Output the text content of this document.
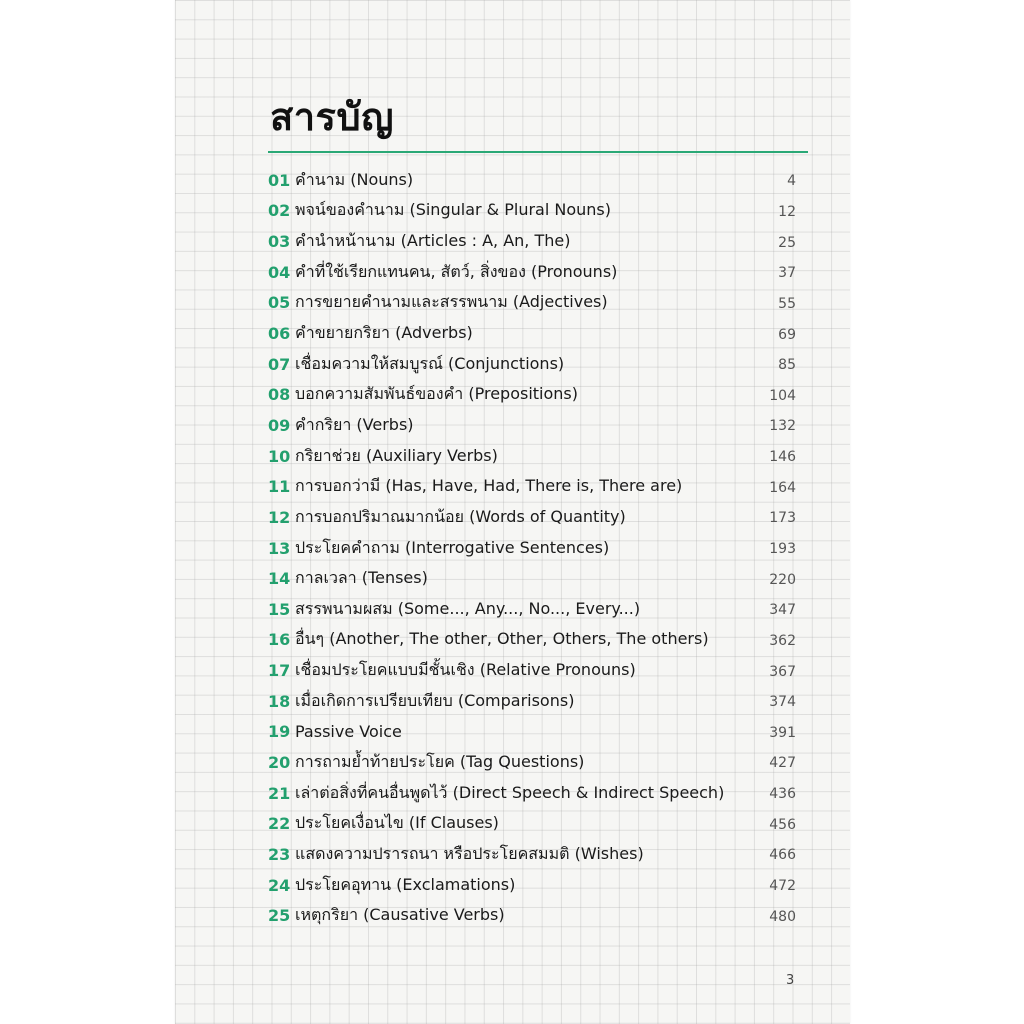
สารบัญ
01 คำนาม (Nouns)	4
02 พจน์ของคำนาม (Singular & Plural Nouns)	12
03 คำนำหน้านาม (Articles : A, An, The)	25
04 คำที่ใช้เรียกแทนคน, สัตว์, สิ่งของ (Pronouns)	37
05 การขยายคำนามและสรรพนาม (Adjectives)	55
06 คำขยายกริยา (Adverbs)	69
07 เชื่อมความให้สมบูรณ์ (Conjunctions)	85
08 บอกความสัมพันธ์ของคำ (Prepositions)	104
09 คำกริยา (Verbs)	132
10 กริยาช่วย (Auxiliary Verbs)	146
11 การบอกว่ามี (Has, Have, Had, There is, There are)	164
12 การบอกปริมาณมากน้อย (Words of Quantity)	173
13 ประโยคคำถาม (Interrogative Sentences)	193
14 กาลเวลา (Tenses)	220
15 สรรพนามผสม (Some..., Any..., No..., Every...)	347
16 อื่นๆ (Another, The other, Other, Others, The others)	362
17 เชื่อมประโยคแบบมีชั้นเชิง (Relative Pronouns)	367
18 เมื่อเกิดการเปรียบเทียบ (Comparisons)	374
19 Passive Voice	391
20 การถามย้ำท้ายประโยค (Tag Questions)	427
21 เล่าต่อสิ่งที่คนอื่นพูดไว้ (Direct Speech & Indirect Speech)	436
22 ประโยคเงื่อนไข (If Clauses)	456
23 แสดงความปรารถนา หรือประโยคสมมติ (Wishes)	466
24 ประโยคอุทาน (Exclamations)	472
25 เหตุกริยา (Causative Verbs)	480
3
